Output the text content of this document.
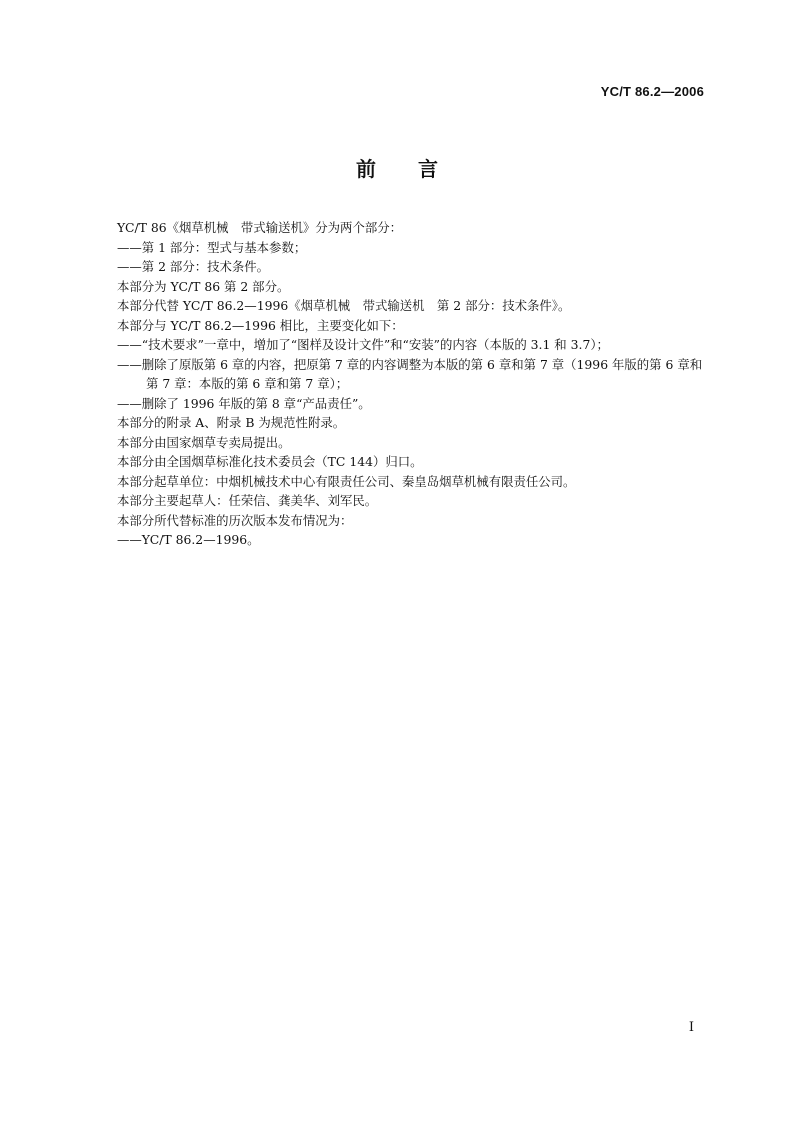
YC/T 86.2—2006
前 言

YC/T 86《烟草机械　带式输送机》分为两个部分：

——第 1 部分：型式与基本参数；

——第 2 部分：技术条件。

本部分为 YC/T 86 第 2 部分。

本部分代替 YC/T 86.2—1996《烟草机械　带式输送机　第 2 部分：技术条件》。

本部分与 YC/T 86.2—1996 相比，主要变化如下：

——“技术要求”一章中，增加了“图样及设计文件”和“安装”的内容（本版的 3.1 和 3.7）；

——删除了原版第 6 章的内容，把原第 7 章的内容调整为本版的第 6 章和第 7 章（1996 年版的第 6 章和第 7 章：本版的第 6 章和第 7 章）；

——删除了 1996 年版的第 8 章“产品责任”。

本部分的附录 A、附录 B 为规范性附录。

本部分由国家烟草专卖局提出。

本部分由全国烟草标准化技术委员会（TC 144）归口。

本部分起草单位：中烟机械技术中心有限责任公司、秦皇岛烟草机械有限责任公司。

本部分主要起草人：任荣信、龚美华、刘军民。

本部分所代替标准的历次版本发布情况为：

——YC/T 86.2—1996。

I
